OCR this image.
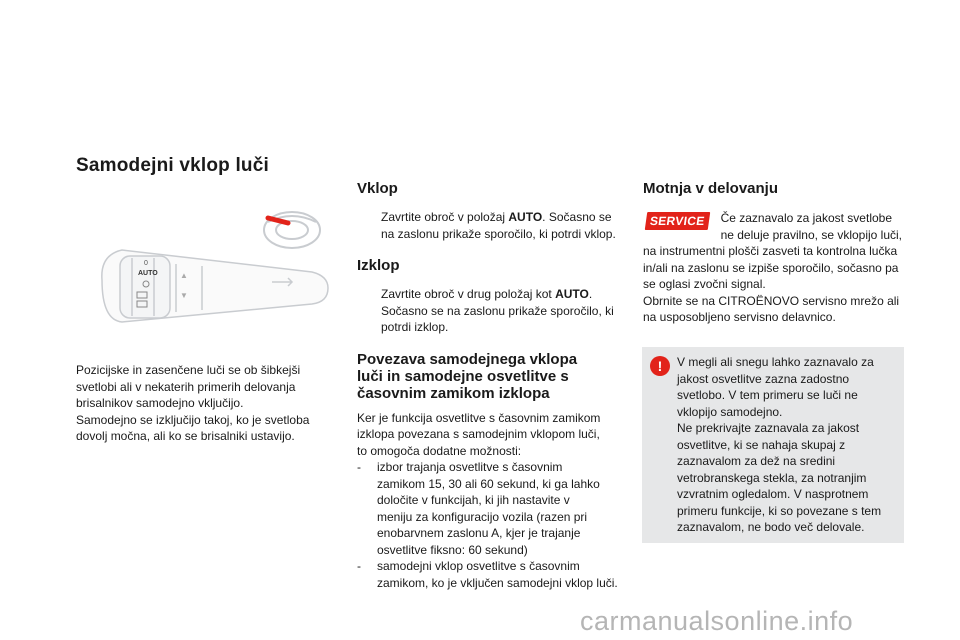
Samodejni vklop luči
0
AUTO	▲
▼
Pozicijske in zasenčene luči se ob šibkejši
svetlobi ali v nekaterih primerih delovanja
brisalnikov samodejno vključijo.
Samodejno se izključijo takoj, ko je svetloba
dovolj močna, ali ko se brisalniki ustavijo.
Vklop
Zavrtite obroč v položaj AUTO. Sočasno se na zaslonu prikaže sporočilo, ki potrdi vklop.
Izklop
Zavrtite obroč v drug položaj kot AUTO. Sočasno se na zaslonu prikaže sporočilo, ki potrdi izklop.
Povezava samodejnega vklopa
luči in samodejne osvetlitve s
časovnim zamikom izklopa

Ker je funkcija osvetlitve s časovnim zamikom izklopa povezana s samodejnim vklopom luči, to omogoča dodatne možnosti:

-	izbor trajanja osvetlitve s časovnim zamikom 15, 30 ali 60 sekund, ki ga lahko določite v funkcijah, ki jih nastavite v meniju za konfiguracijo vozila (razen pri enobarvnem zaslonu A, kjer je trajanje osvetlitve fiksno: 60 sekund)
-	samodejni vklop osvetlitve s časovnim zamikom, ko je vključen samodejni vklop luči.
Motnja v delovanju
SERVICE	Če zaznavalo za jakost svetlobe ne deluje pravilno, se vklopijo luči, na instrumentni plošči zasveti ta kontrolna lučka in/ali na zaslonu se izpiše sporočilo, sočasno pa se oglasi zvočni signal.

Obrnite se na CITROËNOVO servisno mrežo ali na usposobljeno servisno delavnico.

!	V megli ali snegu lahko zaznavalo za jakost osvetlitve zazna zadostno svetlobo. V tem primeru se luči ne vklopijo samodejno.

Ne prekrivajte zaznavala za jakost osvetlitve, ki se nahaja skupaj z zaznavalom za dež na sredini vetrobranskega stekla, za notranjim vzvratnim ogledalom. V nasprotnem primeru funkcije, ki so povezane s tem zaznavalom, ne bodo več delovale.

carmanualsonline.info
